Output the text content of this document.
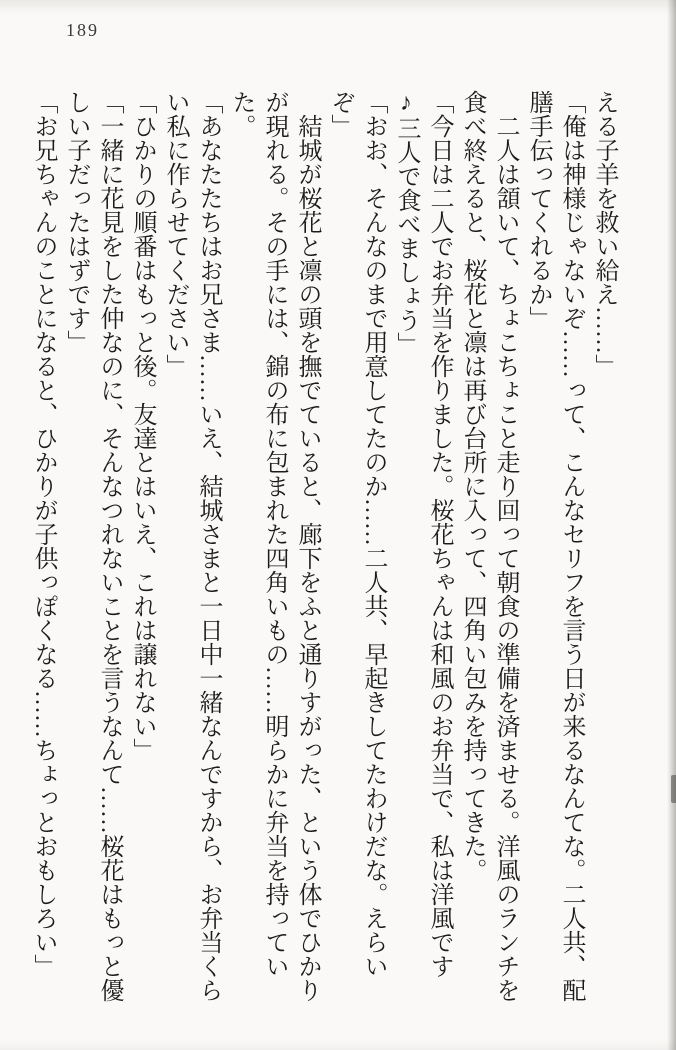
189

える子羊を救い給え……」

「俺は神様じゃないぞ……って、こんなセリフを言う日が来るなんてな。二人共、配膳手伝ってくれるか」

二人は頷いて、ちょこちょこと走り回って朝食の準備を済ませる。洋風のランチを食べ終えると、桜花と凛は再び台所に入って、四角い包みを持ってきた。

「今日は二人でお弁当を作りました。桜花ちゃんは和風のお弁当で、私は洋風です♪三人で食べましょう」

「おお、そんなのまで用意してたのか……二人共、早起きしてたわけだな。えらいぞ」

結城が桜花と凛の頭を撫でていると、廊下をふと通りすがった、という体でひかりが現れる。その手には、錦の布に包まれた四角いもの……明らかに弁当を持っていた。

「あなたたちはお兄さま……いえ、結城さまと一日中一緒なんですから、お弁当くらい私に作らせてください」

「ひかりの順番はもっと後。友達とはいえ、これは譲れない」

「一緒に花見をした仲なのに、そんなつれないことを言うなんて……桜花はもっと優しい子だったはずです」

「お兄ちゃんのことになると、ひかりが子供っぽくなる……ちょっとおもしろい」
